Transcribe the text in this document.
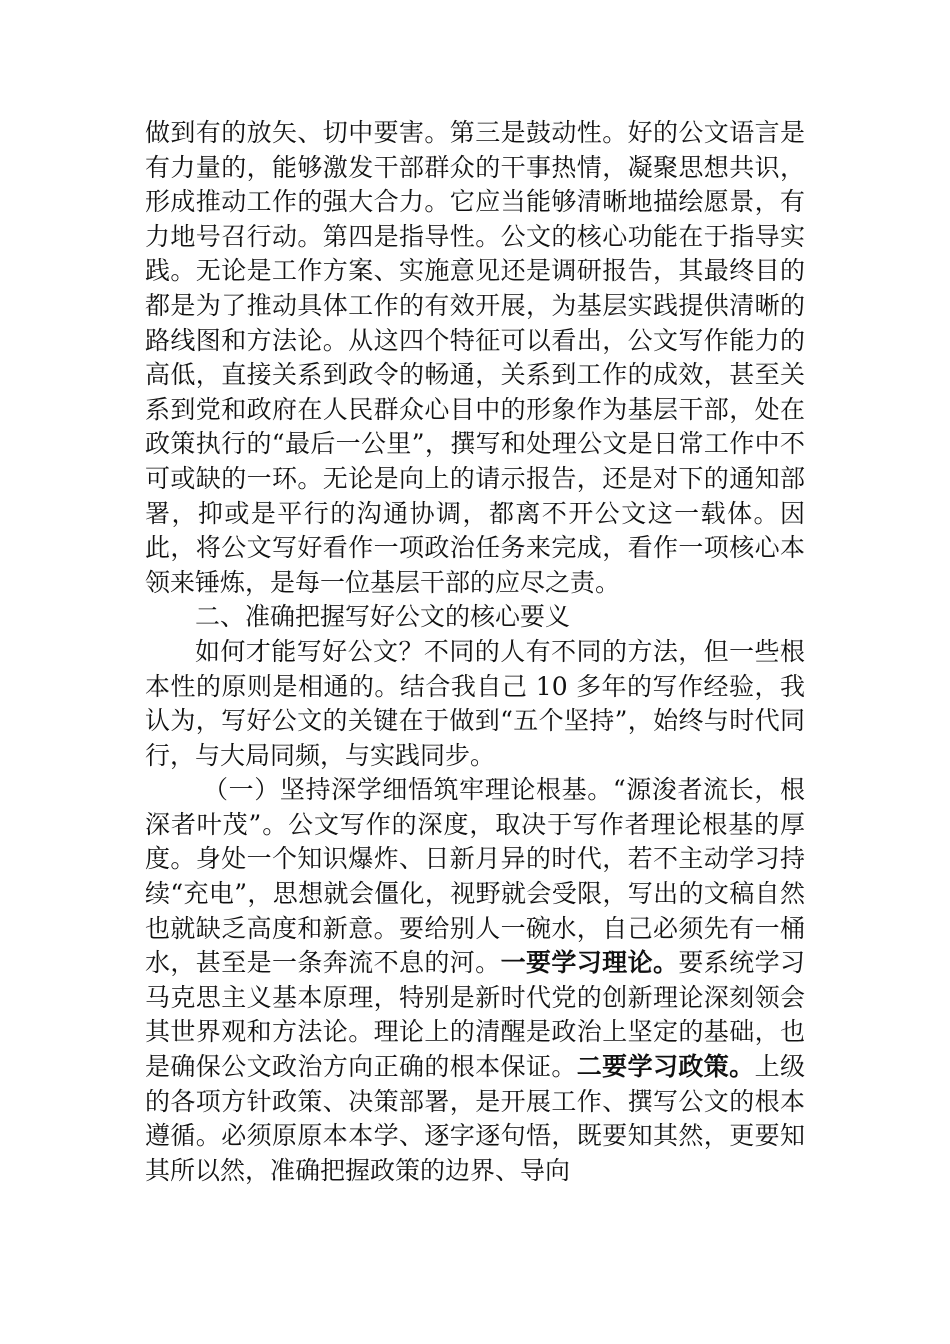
做到有的放矢、切中要害。第三是鼓动性。好的公文语言是有力量的，能够激发干部群众的干事热情，凝聚思想共识，形成推动工作的强大合力。它应当能够清晰地描绘愿景，有力地号召行动。第四是指导性。公文的核心功能在于指导实践。无论是工作方案、实施意见还是调研报告，其最终目的都是为了推动具体工作的有效开展，为基层实践提供清晰的路线图和方法论。从这四个特征可以看出，公文写作能力的高低，直接关系到政令的畅通，关系到工作的成效，甚至关系到党和政府在人民群众心目中的形象作为基层干部，处在政策执行的“最后一公里”，撰写和处理公文是日常工作中不可或缺的一环。无论是向上的请示报告，还是对下的通知部署，抑或是平行的沟通协调，都离不开公文这一载体。因此，将公文写好看作一项政治任务来完成，看作一项核心本领来锤炼，是每一位基层干部的应尽之责。

二、准确把握写好公文的核心要义

如何才能写好公文？不同的人有不同的方法，但一些根本性的原则是相通的。结合我自己 10 多年的写作经验，我认为，写好公文的关键在于做到“五个坚持”，始终与时代同行，与大局同频，与实践同步。

（一）坚持深学细悟筑牢理论根基。“源浚者流长，根深者叶茂”。公文写作的深度，取决于写作者理论根基的厚度。身处一个知识爆炸、日新月异的时代，若不主动学习持续“充电”，思想就会僵化，视野就会受限，写出的文稿自然也就缺乏高度和新意。要给别人一碗水，自己必须先有一桶水，甚至是一条奔流不息的河。一要学习理论。要系统学习马克思主义基本原理，特别是新时代党的创新理论深刻领会其世界观和方法论。理论上的清醒是政治上坚定的基础，也是确保公文政治方向正确的根本保证。二要学习政策。上级的各项方针政策、决策部署，是开展工作、撰写公文的根本遵循。必须原原本本学、逐字逐句悟，既要知其然，更要知其所以然，准确把握政策的边界、导向
